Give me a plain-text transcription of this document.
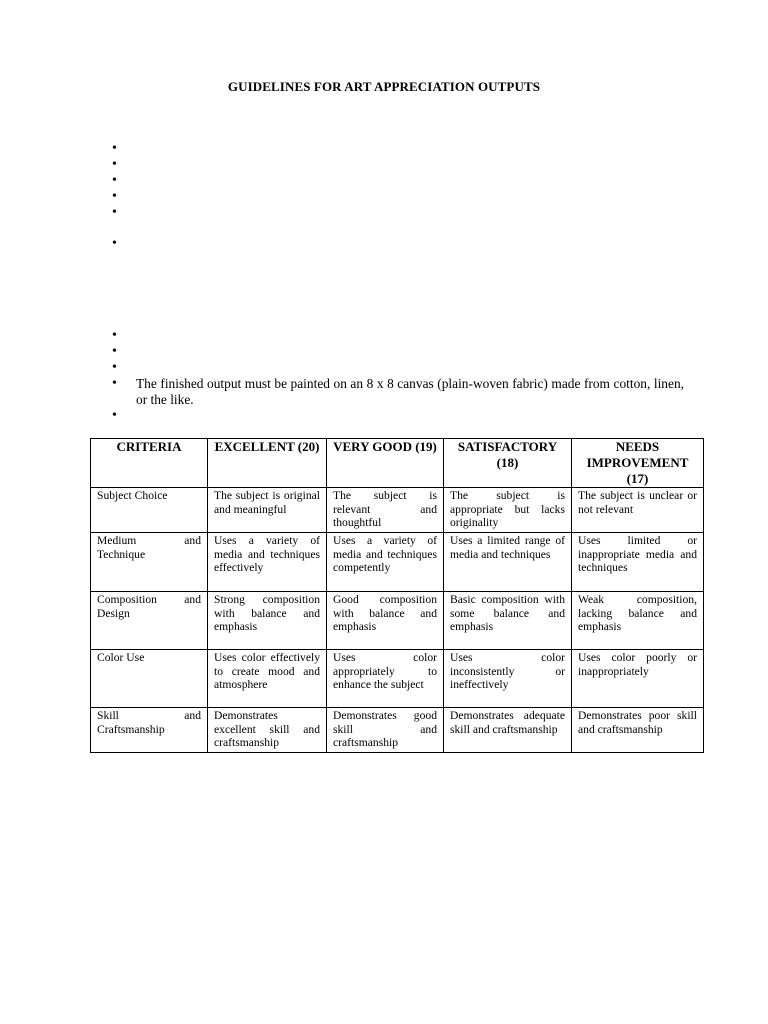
GUIDELINES FOR ART APPRECIATION OUTPUTS
•
•
•
•
•
•
•
•
•
• The finished output must be painted on an 8 x 8 canvas (plain-woven fabric) made from cotton, linen, or the like.
•
CRITERIA	EXCELLENT (20)	VERY GOOD (19)	SATISFACTORY (18)	NEEDS IMPROVEMENT (17)
Subject Choice	The subject is original and meaningful	The subject is relevant and thoughtful	The subject is appropriate but lacks originality	The subject is unclear or not relevant
Medium and Technique	Uses a variety of media and techniques effectively	Uses a variety of media and techniques competently	Uses a limited range of media and techniques	Uses limited or inappropriate media and techniques
Composition and Design	Strong composition with balance and emphasis	Good composition with balance and emphasis	Basic composition with some balance and emphasis	Weak composition, lacking balance and emphasis
Color Use	Uses color effectively to create mood and atmosphere	Uses color appropriately to enhance the subject	Uses color inconsistently or ineffectively	Uses color poorly or inappropriately
Skill and Craftsmanship	Demonstrates excellent skill and craftsmanship	Demonstrates good skill and craftsmanship	Demonstrates adequate skill and craftsmanship	Demonstrates poor skill and craftsmanship
